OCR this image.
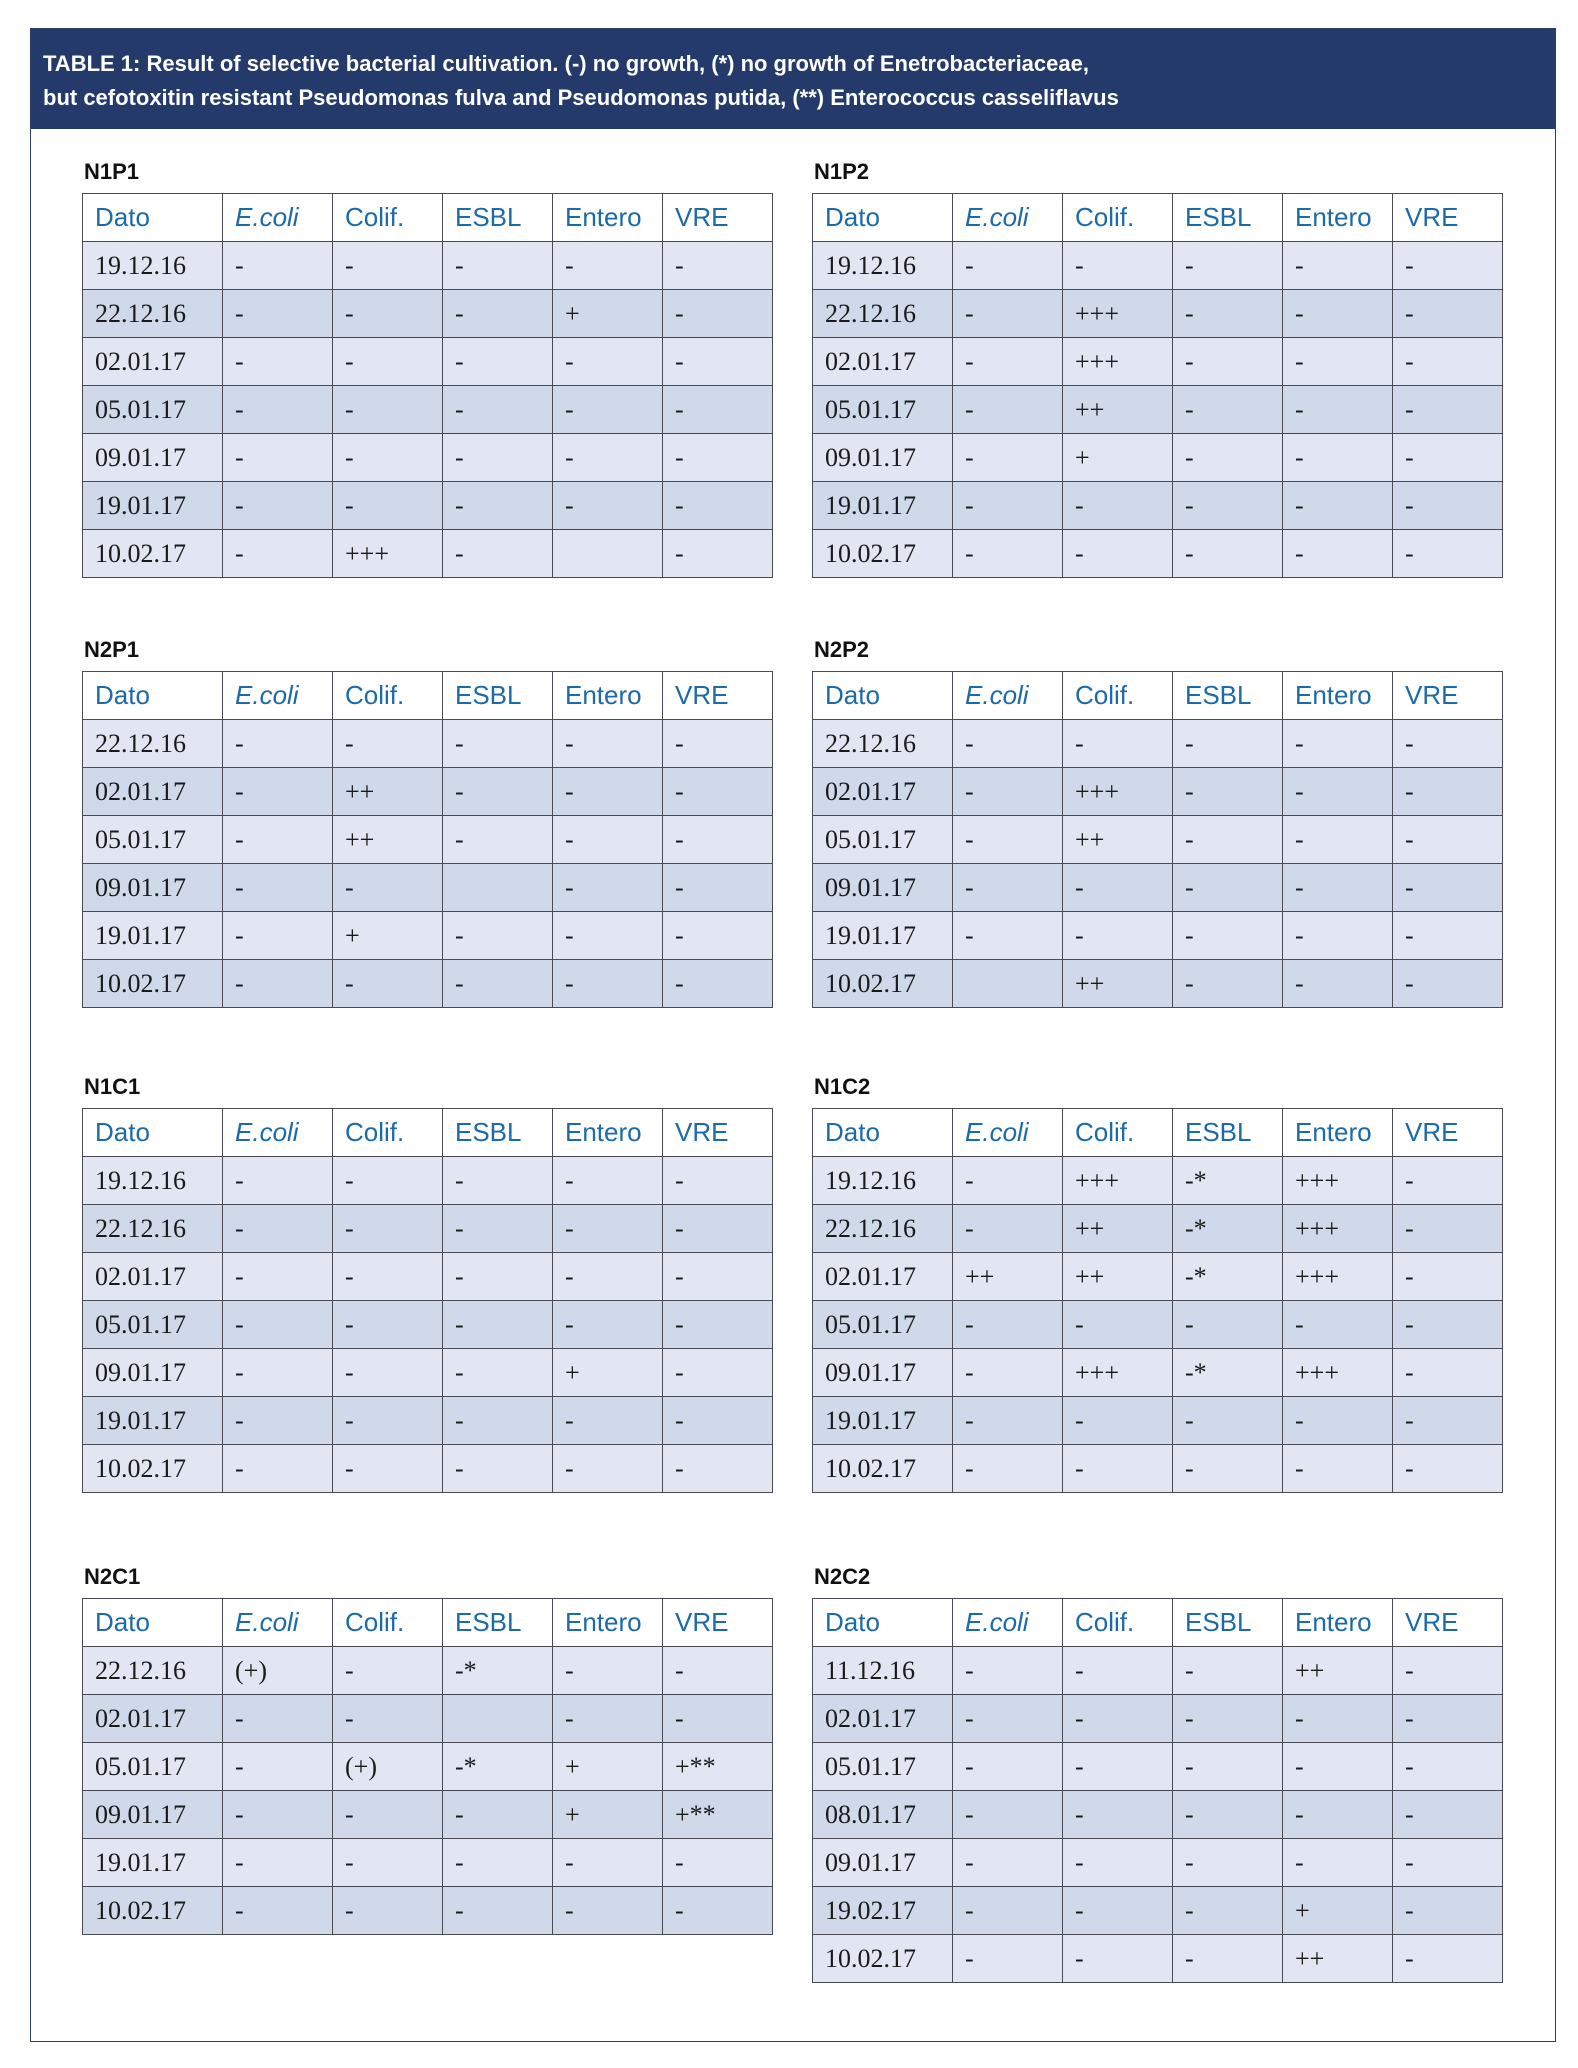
TABLE 1: Result of selective bacterial cultivation. (-) no growth, (*) no growth of Enetrobacteriaceae,
but cefotoxitin resistant Pseudomonas fulva and Pseudomonas putida, (**) Enterococcus casseliflavus
N1P1
Dato	E.coli	Colif.	ESBL	Entero	VRE
19.12.16	-	-	-	-	-
22.12.16	-	-	-	+	-
02.01.17	-	-	-	-	-
05.01.17	-	-	-	-	-
09.01.17	-	-	-	-	-
19.01.17	-	-	-	-	-
10.02.17	-	+++	-		-
N1P2
Dato	E.coli	Colif.	ESBL	Entero	VRE
19.12.16	-	-	-	-	-
22.12.16	-	+++	-	-	-
02.01.17	-	+++	-	-	-
05.01.17	-	++	-	-	-
09.01.17	-	+	-	-	-
19.01.17	-	-	-	-	-
10.02.17	-	-	-	-	-
N2P1
Dato	E.coli	Colif.	ESBL	Entero	VRE
22.12.16	-	-	-	-	-
02.01.17	-	++	-	-	-
05.01.17	-	++	-	-	-
09.01.17	-	-		-	-
19.01.17	-	+	-	-	-
10.02.17	-	-	-	-	-
N2P2
Dato	E.coli	Colif.	ESBL	Entero	VRE
22.12.16	-	-	-	-	-
02.01.17	-	+++	-	-	-
05.01.17	-	++	-	-	-
09.01.17	-	-	-	-	-
19.01.17	-	-	-	-	-
10.02.17		++	-	-	-
N1C1
Dato	E.coli	Colif.	ESBL	Entero	VRE
19.12.16	-	-	-	-	-
22.12.16	-	-	-	-	-
02.01.17	-	-	-	-	-
05.01.17	-	-	-	-	-
09.01.17	-	-	-	+	-
19.01.17	-	-	-	-	-
10.02.17	-	-	-	-	-
N1C2
Dato	E.coli	Colif.	ESBL	Entero	VRE
19.12.16	-	+++	-*	+++	-
22.12.16	-	++	-*	+++	-
02.01.17	++	++	-*	+++	-
05.01.17	-	-	-	-	-
09.01.17	-	+++	-*	+++	-
19.01.17	-	-	-	-	-
10.02.17	-	-	-	-	-
N2C1
Dato	E.coli	Colif.	ESBL	Entero	VRE
22.12.16	(+)	-	-*	-	-
02.01.17	-	-		-	-
05.01.17	-	(+)	-*	+	+**
09.01.17	-	-	-	+	+**
19.01.17	-	-	-	-	-
10.02.17	-	-	-	-	-
N2C2
Dato	E.coli	Colif.	ESBL	Entero	VRE
11.12.16	-	-	-	++	-
02.01.17	-	-	-	-	-
05.01.17	-	-	-	-	-
08.01.17	-	-	-	-	-
09.01.17	-	-	-	-	-
19.02.17	-	-	-	+	-
10.02.17	-	-	-	++	-
